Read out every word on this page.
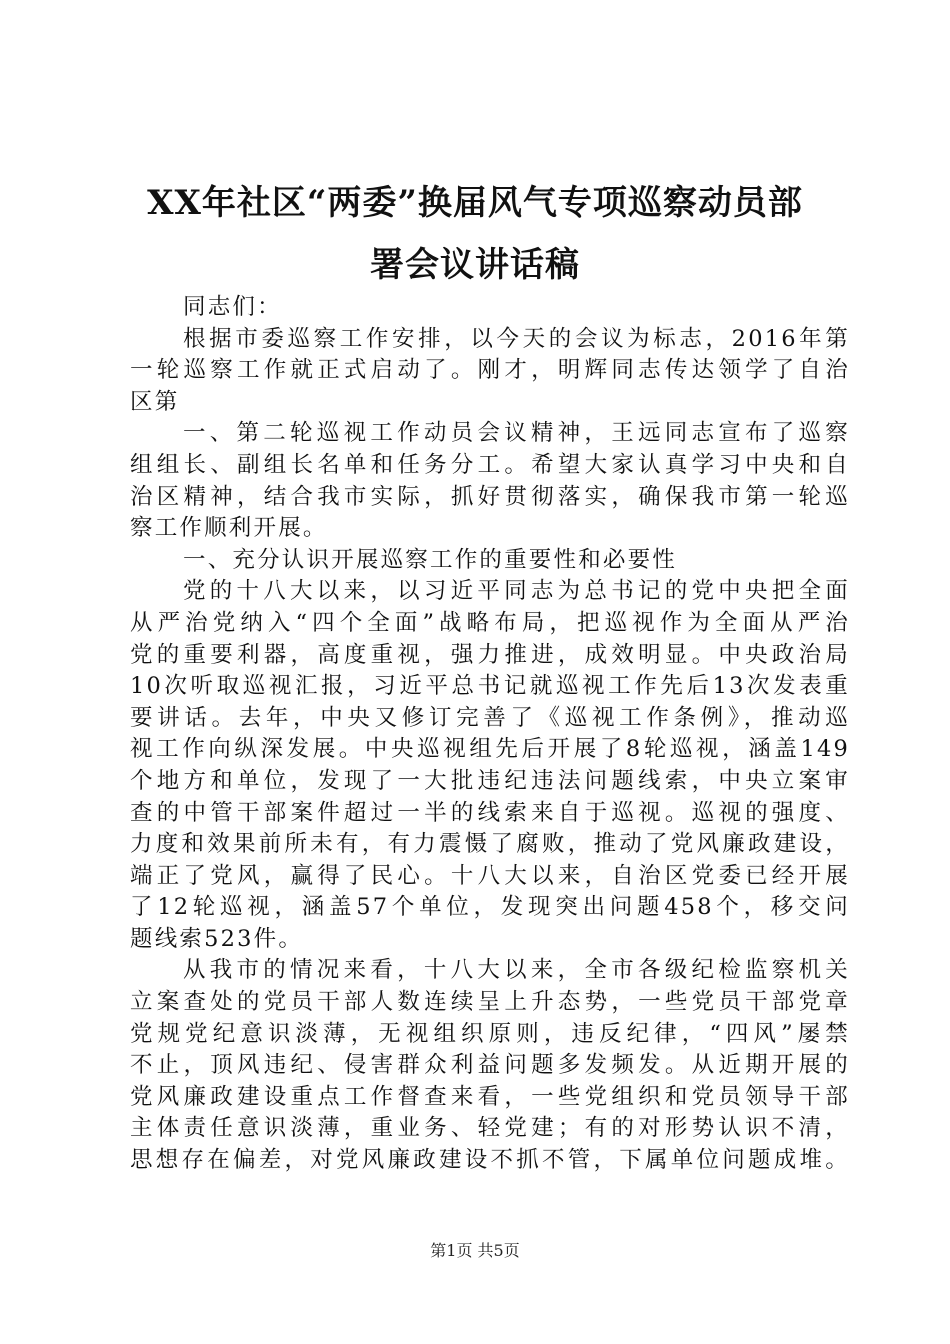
XX年社区“两委”换届风气专项巡察动员部
署会议讲话稿
同志们：
根据市委巡察工作安排，以今天的会议为标志，2016年第
一轮巡察工作就正式启动了。刚才，明辉同志传达领学了自治
区第
一、第二轮巡视工作动员会议精神，王远同志宣布了巡察
组组长、副组长名单和任务分工。希望大家认真学习中央和自
治区精神，结合我市实际，抓好贯彻落实，确保我市第一轮巡
察工作顺利开展。
一、充分认识开展巡察工作的重要性和必要性
党的十八大以来，以习近平同志为总书记的党中央把全面
从严治党纳入“四个全面”战略布局，把巡视作为全面从严治
党的重要利器，高度重视，强力推进，成效明显。中央政治局
10次听取巡视汇报，习近平总书记就巡视工作先后13次发表重
要讲话。去年，中央又修订完善了《巡视工作条例》，推动巡
视工作向纵深发展。中央巡视组先后开展了8轮巡视，涵盖149
个地方和单位，发现了一大批违纪违法问题线索，中央立案审
查的中管干部案件超过一半的线索来自于巡视。巡视的强度、
力度和效果前所未有，有力震慑了腐败，推动了党风廉政建设，
端正了党风，赢得了民心。十八大以来，自治区党委已经开展
了12轮巡视，涵盖57个单位，发现突出问题458个，移交问
题线索523件。
从我市的情况来看，十八大以来，全市各级纪检监察机关
立案查处的党员干部人数连续呈上升态势，一些党员干部党章
党规党纪意识淡薄，无视组织原则，违反纪律，“四风”屡禁
不止，顶风违纪、侵害群众利益问题多发频发。从近期开展的
党风廉政建设重点工作督查来看，一些党组织和党员领导干部
主体责任意识淡薄，重业务、轻党建；有的对形势认识不清，
思想存在偏差，对党风廉政建设不抓不管，下属单位问题成堆。
第1页 共5页
